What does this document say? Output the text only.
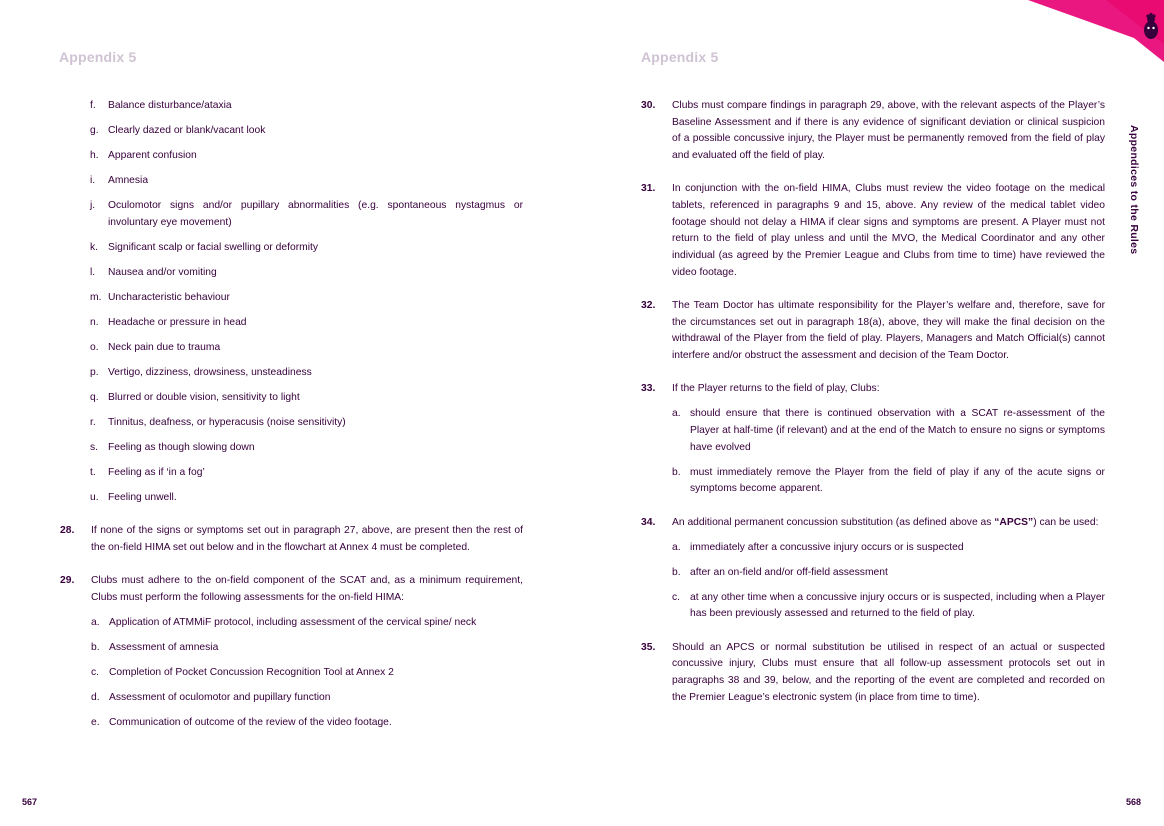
Appendix 5	Appendix 5
Appendices to the Rules
f.	Balance disturbance/ataxia
g. Clearly dazed or blank/vacant look
h. Apparent confusion
i.	Amnesia
j.	Oculomotor signs and/or pupillary abnormalities (e.g. spontaneous nystagmus or involuntary eye movement)
k. Significant scalp or facial swelling or deformity
l.	Nausea and/or vomiting
m. Uncharacteristic behaviour
n. Headache or pressure in head
o. Neck pain due to trauma
p. Vertigo, dizziness, drowsiness, unsteadiness
q. Blurred or double vision, sensitivity to light
r.	Tinnitus, deafness, or hyperacusis (noise sensitivity)
s. Feeling as though slowing down
t.	Feeling as if ‘in a fog’
u. Feeling unwell.
28.	If none of the signs or symptoms set out in paragraph 27, above, are present then the rest of the on-field HIMA set out below and in the flowchart at Annex 4 must be completed.
29.	Clubs must adhere to the on-field component of the SCAT and, as a minimum requirement, Clubs must perform the following assessments for the on-field HIMA:
a. Application of ATMMiF protocol, including assessment of the cervical spine/ neck
b. Assessment of amnesia
c. Completion of Pocket Concussion Recognition Tool at Annex 2
d. Assessment of oculomotor and pupillary function
e. Communication of outcome of the review of the video footage.
30.	Clubs must compare findings in paragraph 29, above, with the relevant aspects of the Player’s Baseline Assessment and if there is any evidence of significant deviation or clinical suspicion of a possible concussive injury, the Player must be permanently removed from the field of play and evaluated off the field of play.
31.	In conjunction with the on-field HIMA, Clubs must review the video footage on the medical tablets, referenced in paragraphs 9 and 15, above. Any review of the medical tablet video footage should not delay a HIMA if clear signs and symptoms are present. A Player must not return to the field of play unless and until the MVO, the Medical Coordinator and any other individual (as agreed by the Premier League and Clubs from time to time) have reviewed the video footage.
32.	The Team Doctor has ultimate responsibility for the Player’s welfare and, therefore, save for the circumstances set out in paragraph 18(a), above, they will make the final decision on the withdrawal of the Player from the field of play. Players, Managers and Match Official(s) cannot interfere and/or obstruct the assessment and decision of the Team Doctor.
33.	If the Player returns to the field of play, Clubs:
a. should ensure that there is continued observation with a SCAT re-assessment of the Player at half-time (if relevant) and at the end of the Match to ensure no signs or symptoms have evolved
b. must immediately remove the Player from the field of play if any of the acute signs or symptoms become apparent.
34.	An additional permanent concussion substitution (as defined above as “APCS”) can be used:
a. immediately after a concussive injury occurs or is suspected
b. after an on-field and/or off-field assessment
c. at any other time when a concussive injury occurs or is suspected, including when a Player has been previously assessed and returned to the field of play.
35.	Should an APCS or normal substitution be utilised in respect of an actual or suspected concussive injury, Clubs must ensure that all follow-up assessment protocols set out in paragraphs 38 and 39, below, and the reporting of the event are completed and recorded on the Premier League’s electronic system (in place from time to time).
567	568
